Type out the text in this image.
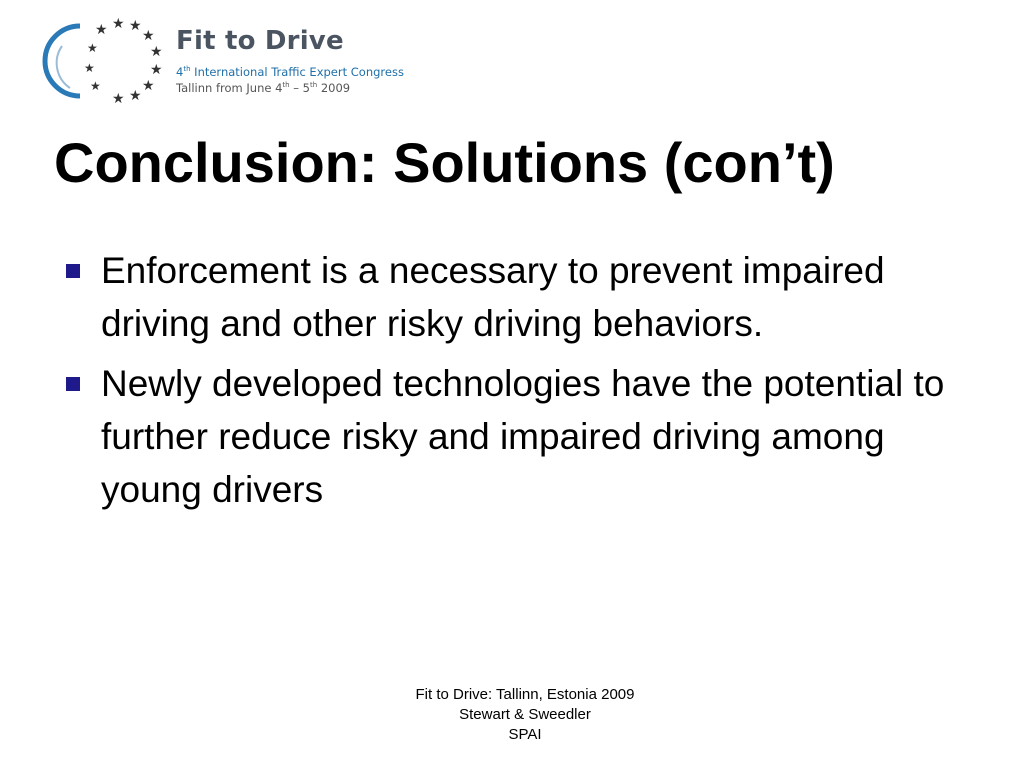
★ ★ ★
★
★
★
★
★
★
★
★
★
Fit to Drive
4th International Traffic Expert Congress
Tallinn from June 4th – 5th 2009
Conclusion: Solutions (con’t)
Enforcement is a necessary to prevent impaired driving and other risky driving behaviors.
Newly developed technologies have the potential to further reduce risky and impaired driving among young drivers
Fit to Drive: Tallinn, Estonia 2009
Stewart & Sweedler
SPAI
